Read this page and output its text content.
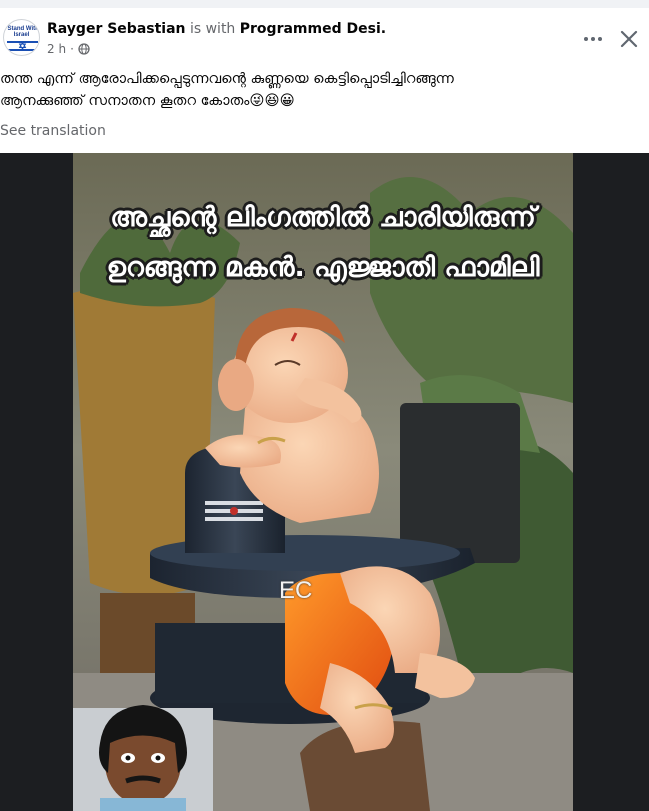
I Stand With Israel	Rayger Sebastian is with Programmed Desi.
2 h ·
തന്ത എന്ന് ആരോപിക്കപ്പെടുന്നവന്റെ കുണ്ണയെ കെട്ടിപ്പൊടിച്ചിറങ്ങുന്ന
ആനക്കുഞ്ഞ് സനാതന കൂതറ കോതം😜😆😀
See translation
അച്ഛന്റെ ലിംഗത്തിൽ ചാരിയിരുന്ന്
ഉറങ്ങുന്ന മകൻ. എജ്ജാതി ഫാമിലി
EC
